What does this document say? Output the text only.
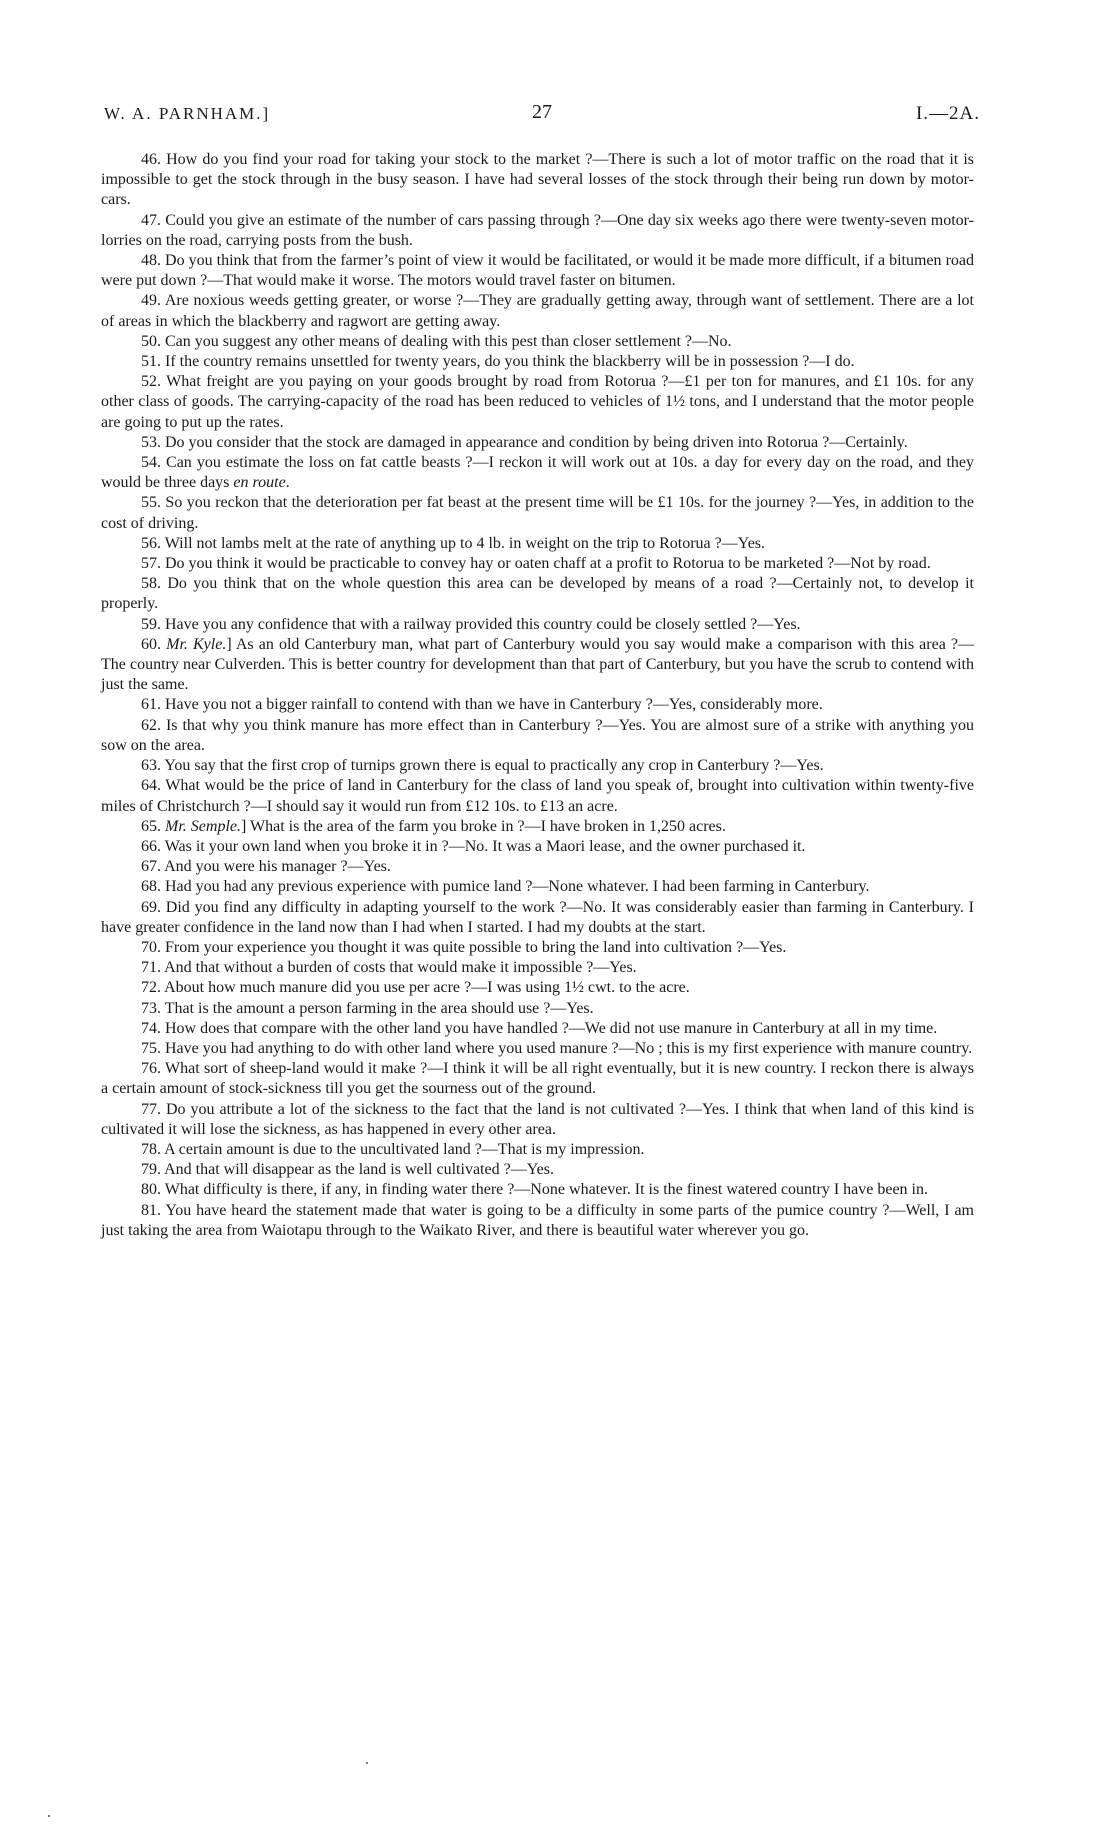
W. A. PARNHAM.]	27	I.—2A.

46. How do you find your road for taking your stock to the market ?—There is such a lot of motor traffic on the road that it is impossible to get the stock through in the busy season. I have had several losses of the stock through their being run down by motor-cars.

47. Could you give an estimate of the number of cars passing through ?—One day six weeks ago there were twenty-seven motor-lorries on the road, carrying posts from the bush.

48. Do you think that from the farmer’s point of view it would be facilitated, or would it be made more difficult, if a bitumen road were put down ?—That would make it worse. The motors would travel faster on bitumen.

49. Are noxious weeds getting greater, or worse ?—They are gradually getting away, through want of settlement. There are a lot of areas in which the blackberry and ragwort are getting away.

50. Can you suggest any other means of dealing with this pest than closer settlement ?—No.

51. If the country remains unsettled for twenty years, do you think the blackberry will be in possession ?—I do.

52. What freight are you paying on your goods brought by road from Rotorua ?—£1 per ton for manures, and £1 10s. for any other class of goods. The carrying-capacity of the road has been reduced to vehicles of 1½ tons, and I understand that the motor people are going to put up the rates.

53. Do you consider that the stock are damaged in appearance and condition by being driven into Rotorua ?—Certainly.

54. Can you estimate the loss on fat cattle beasts ?—I reckon it will work out at 10s. a day for every day on the road, and they would be three days en route.

55. So you reckon that the deterioration per fat beast at the present time will be £1 10s. for the journey ?—Yes, in addition to the cost of driving.

56. Will not lambs melt at the rate of anything up to 4 lb. in weight on the trip to Rotorua ?—Yes.

57. Do you think it would be practicable to convey hay or oaten chaff at a profit to Rotorua to be marketed ?—Not by road.

58. Do you think that on the whole question this area can be developed by means of a road ?—Certainly not, to develop it properly.

59. Have you any confidence that with a railway provided this country could be closely settled ?—Yes.

60. Mr. Kyle.] As an old Canterbury man, what part of Canterbury would you say would make a comparison with this area ?—The country near Culverden. This is better country for development than that part of Canterbury, but you have the scrub to contend with just the same.

61. Have you not a bigger rainfall to contend with than we have in Canterbury ?—Yes, considerably more.

62. Is that why you think manure has more effect than in Canterbury ?—Yes. You are almost sure of a strike with anything you sow on the area.

63. You say that the first crop of turnips grown there is equal to practically any crop in Canterbury ?—Yes.

64. What would be the price of land in Canterbury for the class of land you speak of, brought into cultivation within twenty-five miles of Christchurch ?—I should say it would run from £12 10s. to £13 an acre.

65. Mr. Semple.] What is the area of the farm you broke in ?—I have broken in 1,250 acres.

66. Was it your own land when you broke it in ?—No. It was a Maori lease, and the owner purchased it.

67. And you were his manager ?—Yes.

68. Had you had any previous experience with pumice land ?—None whatever. I had been farming in Canterbury.

69. Did you find any difficulty in adapting yourself to the work ?—No. It was considerably easier than farming in Canterbury. I have greater confidence in the land now than I had when I started. I had my doubts at the start.

70. From your experience you thought it was quite possible to bring the land into cultivation ?—Yes.

71. And that without a burden of costs that would make it impossible ?—Yes.

72. About how much manure did you use per acre ?—I was using 1½ cwt. to the acre.

73. That is the amount a person farming in the area should use ?—Yes.

74. How does that compare with the other land you have handled ?—We did not use manure in Canterbury at all in my time.

75. Have you had anything to do with other land where you used manure ?—No ; this is my first experience with manure country.

76. What sort of sheep-land would it make ?—I think it will be all right eventually, but it is new country. I reckon there is always a certain amount of stock-sickness till you get the sourness out of the ground.

77. Do you attribute a lot of the sickness to the fact that the land is not cultivated ?—Yes. I think that when land of this kind is cultivated it will lose the sickness, as has happened in every other area.

78. A certain amount is due to the uncultivated land ?—That is my impression.

79. And that will disappear as the land is well cultivated ?—Yes.

80. What difficulty is there, if any, in finding water there ?—None whatever. It is the finest watered country I have been in.

81. You have heard the statement made that water is going to be a difficulty in some parts of the pumice country ?—Well, I am just taking the area from Waiotapu through to the Waikato River, and there is beautiful water wherever you go.
